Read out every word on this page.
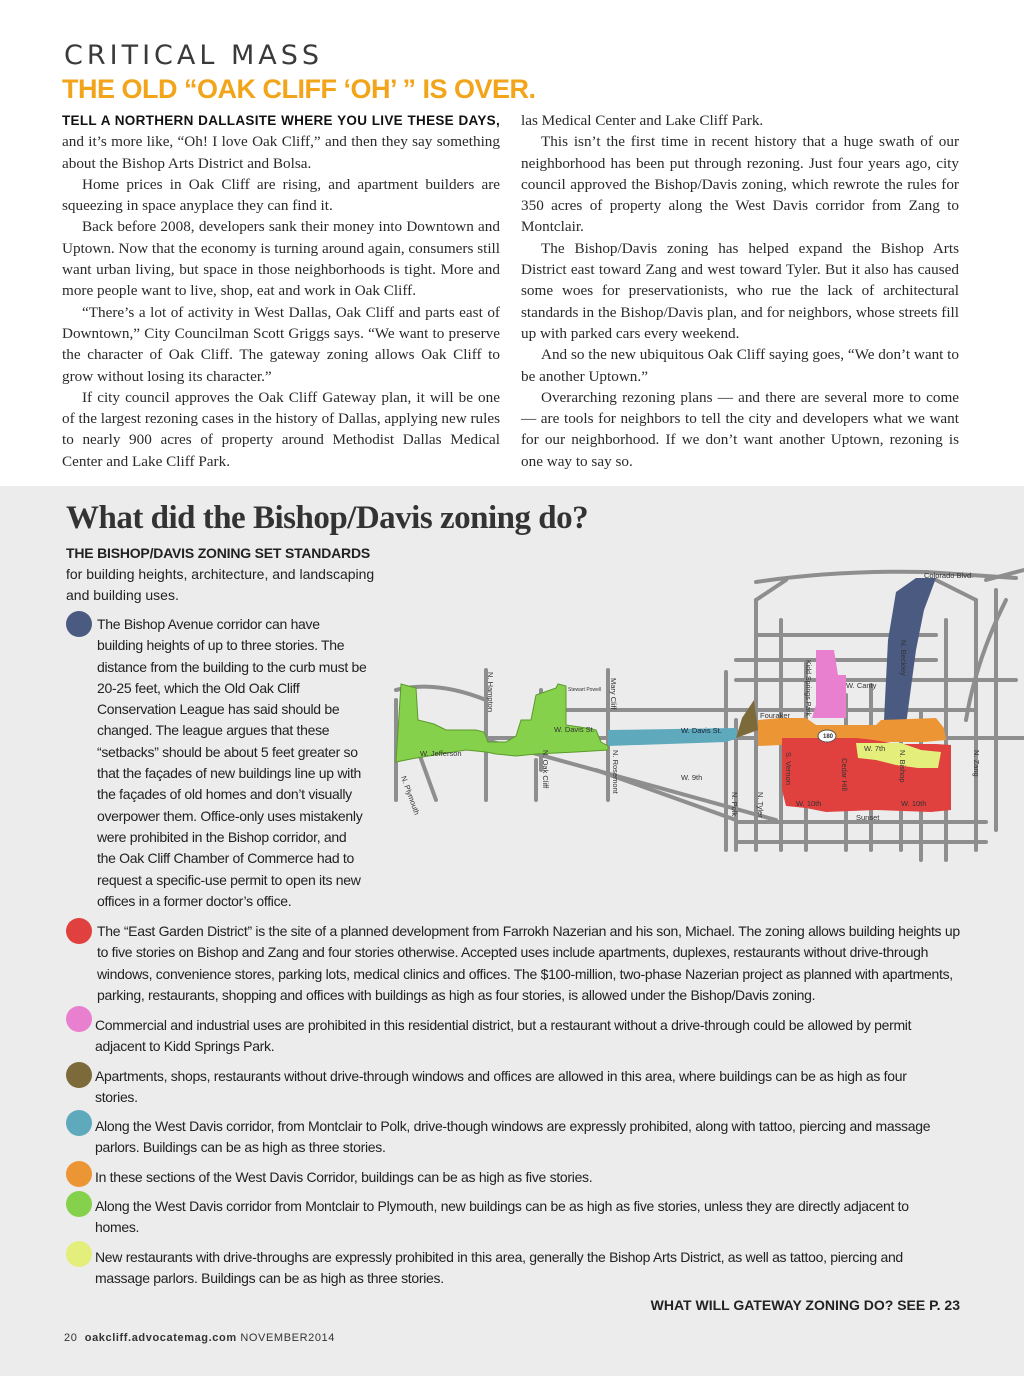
CRITICAL MASS
THE OLD “OAK CLIFF ‘OH’ ” IS OVER.

TELL A NORTHERN DALLASITE WHERE YOU LIVE THESE DAYS, and it’s more like, “Oh! I love Oak Cliff,” and then they say something about the Bishop Arts District and Bolsa.

Home prices in Oak Cliff are rising, and apartment builders are squeezing in space anyplace they can find it.

Back before 2008, developers sank their money into Downtown and Uptown. Now that the economy is turning around again, consumers still want urban living, but space in those neighborhoods is tight. More and more people want to live, shop, eat and work in Oak Cliff.

“There’s a lot of activity in West Dallas, Oak Cliff and parts east of Downtown,” City Councilman Scott Griggs says. “We want to preserve the character of Oak Cliff. The gateway zoning allows Oak Cliff to grow without losing its character.”

If city council approves the Oak Cliff Gateway plan, it will be one of the largest rezoning cases in the history of Dallas, applying new rules to nearly 900 acres of property around Methodist Dallas Medical Center and Lake Cliff Park.

las Medical Center and Lake Cliff Park.

This isn’t the first time in recent history that a huge swath of our neighborhood has been put through rezoning. Just four years ago, city council approved the Bishop/Davis zoning, which rewrote the rules for 350 acres of property along the West Davis corridor from Zang to Montclair.

The Bishop/Davis zoning has helped expand the Bishop Arts District east toward Zang and west toward Tyler. But it also has caused some woes for preservationists, who rue the lack of architectural standards in the Bishop/Davis plan, and for neighbors, whose streets fill up with parked cars every weekend.

And so the new ubiquitous Oak Cliff saying goes, “We don’t want to be another Uptown.”

Overarching rezoning plans — and there are several more to come — are tools for neighbors to tell the city and developers what we want for our neighborhood. If we don’t want another Uptown, rezoning is one way to say so.

What did the Bishop/Davis zoning do?
THE BISHOP/DAVIS ZONING SET STANDARDS
for building heights, architecture, and landscaping and building uses.
180
Colorado Blvd.
N. Beckley
Kidd Springs Park	W. Canty
Fouraker
W. Davis St.
W. Davis St.
W. 7th
S. Vernon	Cedar Hill	N. Bishop	N. Zang
W. 10th	W. 10th
Sunset
N. Polk N. Tyler
W. 9th
N. Rosemont
Mary Cliff
N. Oak Cliff
Stewart Powell
N. Hampton
W. Jefferson
N. Plymouth

The Bishop Avenue corridor can have building heights of up to three stories. The distance from the building to the curb must be 20-25 feet, which the Old Oak Cliff Conservation League has said should be changed. The league argues that these “setbacks” should be about 5 feet greater so that the façades of new buildings line up with the façades of old homes and don’t visually overpower them. Office-only uses mistakenly were prohibited in the Bishop corridor, and the Oak Cliff Chamber of Commerce had to request a specific-use permit to open its new offices in a former doctor’s office.

The “East Garden District” is the site of a planned development from Farrokh Nazerian and his son, Michael. The zoning allows building heights up to five stories on Bishop and Zang and four stories otherwise. Accepted uses include apartments, duplexes, restaurants without drive-through windows, convenience stores, parking lots, medical clinics and offices. The $100-million, two-phase Nazerian project as planned with apartments, parking, restaurants, shopping and offices with buildings as high as four stories, is allowed under the Bishop/Davis zoning.

Commercial and industrial uses are prohibited in this residential district, but a restaurant without a drive-through could be allowed by permit adjacent to Kidd Springs Park.

Apartments, shops, restaurants without drive-through windows and offices are allowed in this area, where buildings can be as high as four stories.

Along the West Davis corridor, from Montclair to Polk, drive-though windows are expressly prohibited, along with tattoo, piercing and massage parlors. Buildings can be as high as three stories.

In these sections of the West Davis Corridor, buildings can be as high as five stories.

Along the West Davis corridor from Montclair to Plymouth, new buildings can be as high as five stories, unless they are directly adjacent to homes.

New restaurants with drive-throughs are expressly prohibited in this area, generally the Bishop Arts District, as well as tattoo, piercing and massage parlors. Buildings can be as high as three stories.

WHAT WILL GATEWAY ZONING DO? SEE P. 23

20 oakcliff.advocatemag.com NOVEMBER2014
